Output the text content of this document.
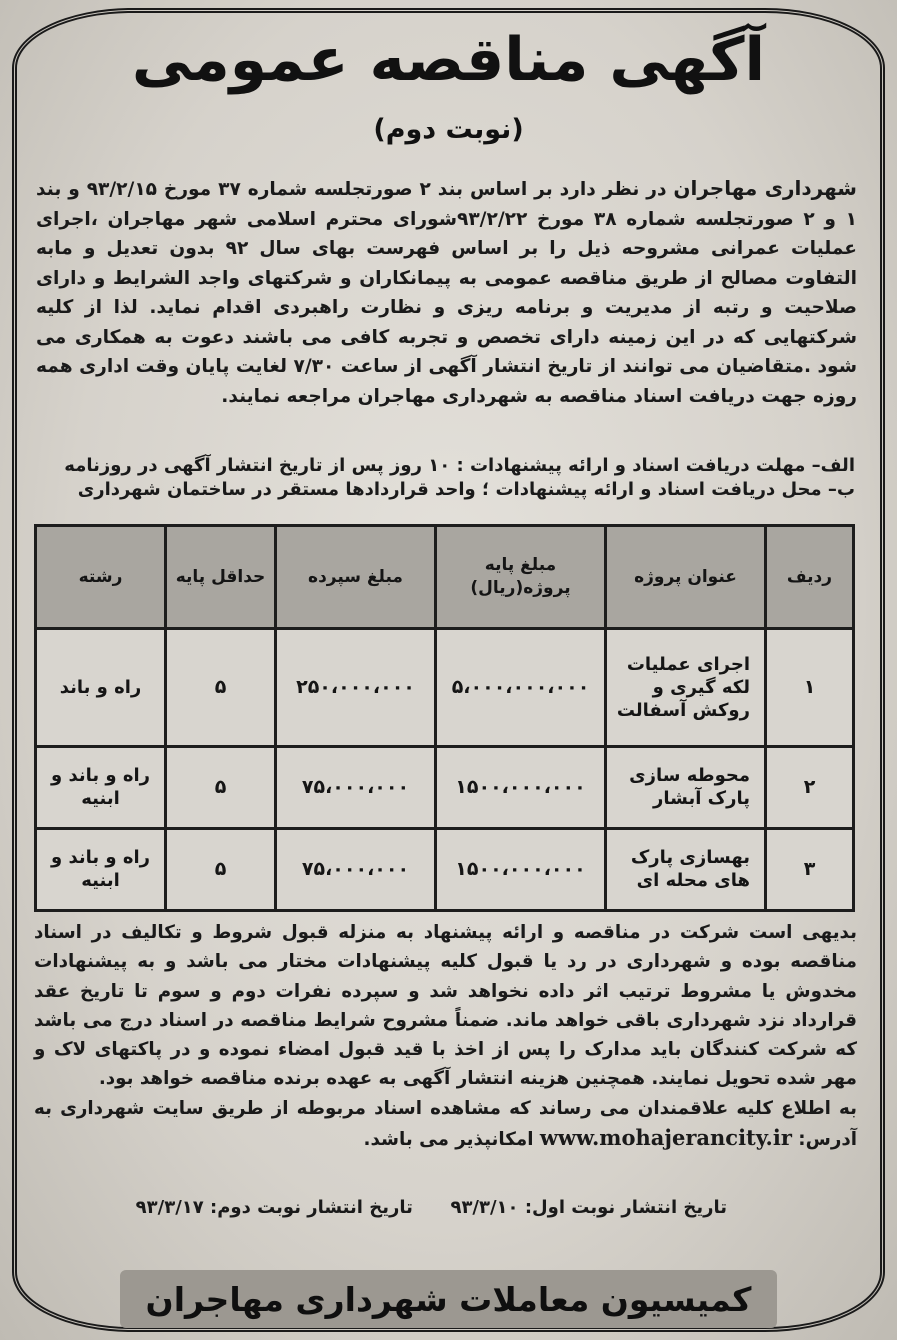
آگهی مناقصه عمومی
(نوبت دوم)
شهرداری مهاجران در نظر دارد بر اساس بند ۲ صورتجلسه شماره ۳۷ مورخ ۹۳/۲/۱۵ و بند ۱ و ۲ صورتجلسه شماره ۳۸ مورخ ۹۳/۲/۲۲شورای محترم اسلامی شهر مهاجران ،اجرای عملیات عمرانی مشروحه ذیل را بر اساس فهرست بهای سال ۹۲ بدون تعدیل و مابه التفاوت مصالح از طریق مناقصه عمومی به پیمانکاران و شرکتهای واجد الشرایط و دارای صلاحیت و رتبه از مدیریت و برنامه ریزی و نظارت راهبردی اقدام نماید. لذا از کلیه شرکتهایی که در این زمینه دارای تخصص و تجربه کافی می باشند دعوت به همکاری می شود .متقاضیان می توانند از تاریخ انتشار آگهی از ساعت ۷/۳۰ لغایت پایان وقت اداری همه روزه جهت دریافت اسناد مناقصه به شهرداری مهاجران مراجعه نمایند.
الف– مهلت دریافت اسناد و ارائه پیشنهادات : ۱۰ روز پس از تاریخ انتشار آگهی در روزنامه
ب– محل دریافت اسناد و ارائه پیشنهادات ؛ واحد قراردادها مستقر در ساختمان شهرداری
ردیف	عنوان پروژه	مبلغ پایه پروژه(ریال)	مبلغ سپرده	حداقل پایه	رشته
۱	اجرای عملیات لکه گیری و روکش آسفالت	۵،۰۰۰،۰۰۰،۰۰۰	۲۵۰،۰۰۰،۰۰۰	۵	راه و باند
۲	محوطه سازی پارک آبشار	۱۵۰۰،۰۰۰،۰۰۰	۷۵،۰۰۰،۰۰۰	۵	راه و باند و ابنیه
۳	بهسازی پارک های محله ای	۱۵۰۰،۰۰۰،۰۰۰	۷۵،۰۰۰،۰۰۰	۵	راه و باند و ابنیه
بدیهی است شرکت در مناقصه و ارائه پیشنهاد به منزله قبول شروط و تکالیف در اسناد مناقصه بوده و شهرداری در رد یا قبول کلیه پیشنهادات مختار می باشد و به پیشنهادات مخدوش یا مشروط ترتیب اثر داده نخواهد شد و سپرده نفرات دوم و سوم تا تاریخ عقد قرارداد نزد شهرداری باقی خواهد ماند. ضمناً مشروح شرایط مناقصه در اسناد درج می باشد که شرکت کنندگان باید مدارک را پس از اخذ با قید قبول امضاء نموده و در پاکتهای لاک و مهر شده تحویل نمایند. همچنین هزینه انتشار آگهی به عهده برنده مناقصه خواهد بود.
به اطلاع کلیه علاقمندان می رساند که مشاهده اسناد مربوطه از طریق سایت شهرداری به آدرس: www.mohajerancity.ir امکانپذیر می باشد.
تاریخ انتشار نوبت اول: ۹۳/۳/۱۰      تاریخ انتشار نوبت دوم: ۹۳/۳/۱۷
کمیسیون معاملات شهرداری مهاجران
